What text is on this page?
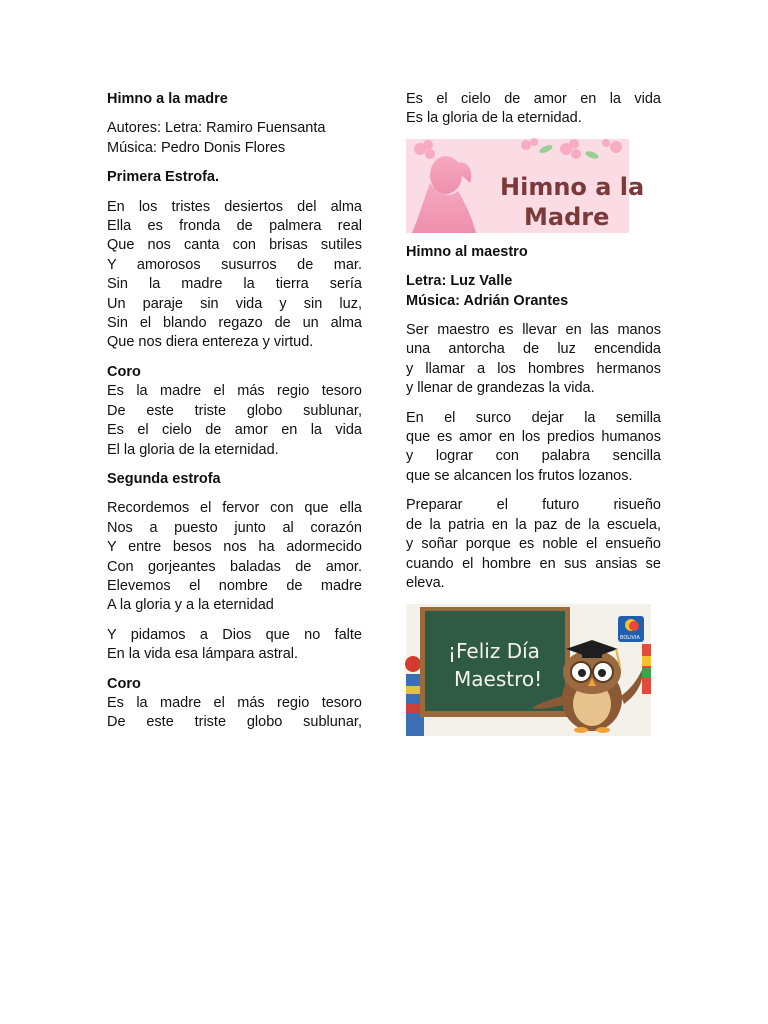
Himno a la madre

Autores: Letra: Ramiro Fuensanta
Música: Pedro Donis Flores

Primera Estrofa.

En los tristes desiertos del alma
Ella es fronda de palmera real
Que nos canta con brisas sutiles
Y amorosos susurros de mar.
Sin la madre la tierra sería
Un paraje sin vida y sin luz,
Sin el blando regazo de un alma
Que nos diera entereza y virtud.

Coro

Es la madre el más regio tesoro
De este triste globo sublunar,
Es el cielo de amor en la vida
El la gloria de la eternidad.

Segunda estrofa

Recordemos el fervor con que ella
Nos a puesto junto al corazón
Y entre besos nos ha adormecido
Con gorjeantes baladas de amor.
Elevemos el nombre de madre
A la gloria y a la eternidad
Y pidamos a Dios que no falte
En la vida esa lámpara astral.

Coro

Es la madre el más regio tesoro
De este triste globo sublunar,
Es el cielo de amor en la vida
Es la gloria de la eternidad.
Himno a la
Madre

Himno al maestro

Letra: Luz Valle

Música: Adrián Orantes

Ser maestro es llevar en las manos
una antorcha de luz encendida
y llamar a los hombres hermanos
y llenar de grandezas la vida.
En el surco dejar la semilla
que es amor en los predios humanos
y lograr con palabra sencilla
que se alcancen los frutos lozanos.
Preparar el futuro risueño
de la patria en la paz de la escuela,
y soñar porque es noble el ensueño
cuando el hombre en sus ansias se
eleva.
¡Feliz Día
Maestro!
BOLIVIA
